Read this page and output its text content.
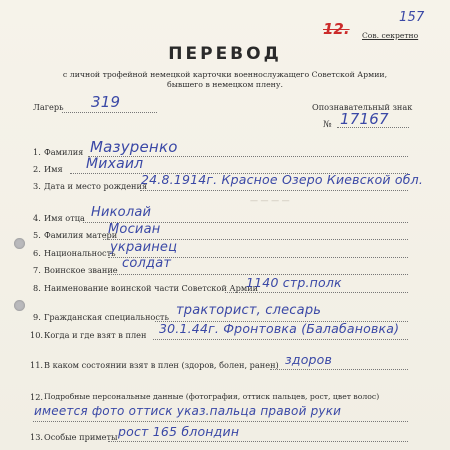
157
12. Сов. секретно
ПЕРЕВОД
с личной трофейной немецкой карточки военнослужащего Советской Армии,
бывшего в немецком плену.
Лагерь 319	Опознавательный знак
№ 17167
1. Фамилия Мазуренко
2. Имя Михаил
3. Дата и место рождения
24.8.1914г. Красное Озеро Киевской обл.
— — — —
4. Имя отца Николай
5. Фамилия матери
Мосиан
6. Национальность
украинец
7. Воинское звание солдат
8. Наименование воинской части Советской Армии
1140 стр.полк
9. Гражданская специальность тракторист, слесарь
10. Когда и где взят в плен 30.1.44г. Фронтовка (Балабановка)
11. В каком состоянии взят в плен (здоров, болен, ранен) здоров
12. Подробные персональные данные (фотография, оттиск пальцев, рост, цвет волос)
имеется фото оттиск указ.пальца правой руки
13. Особые приметы рост 165 блондин
